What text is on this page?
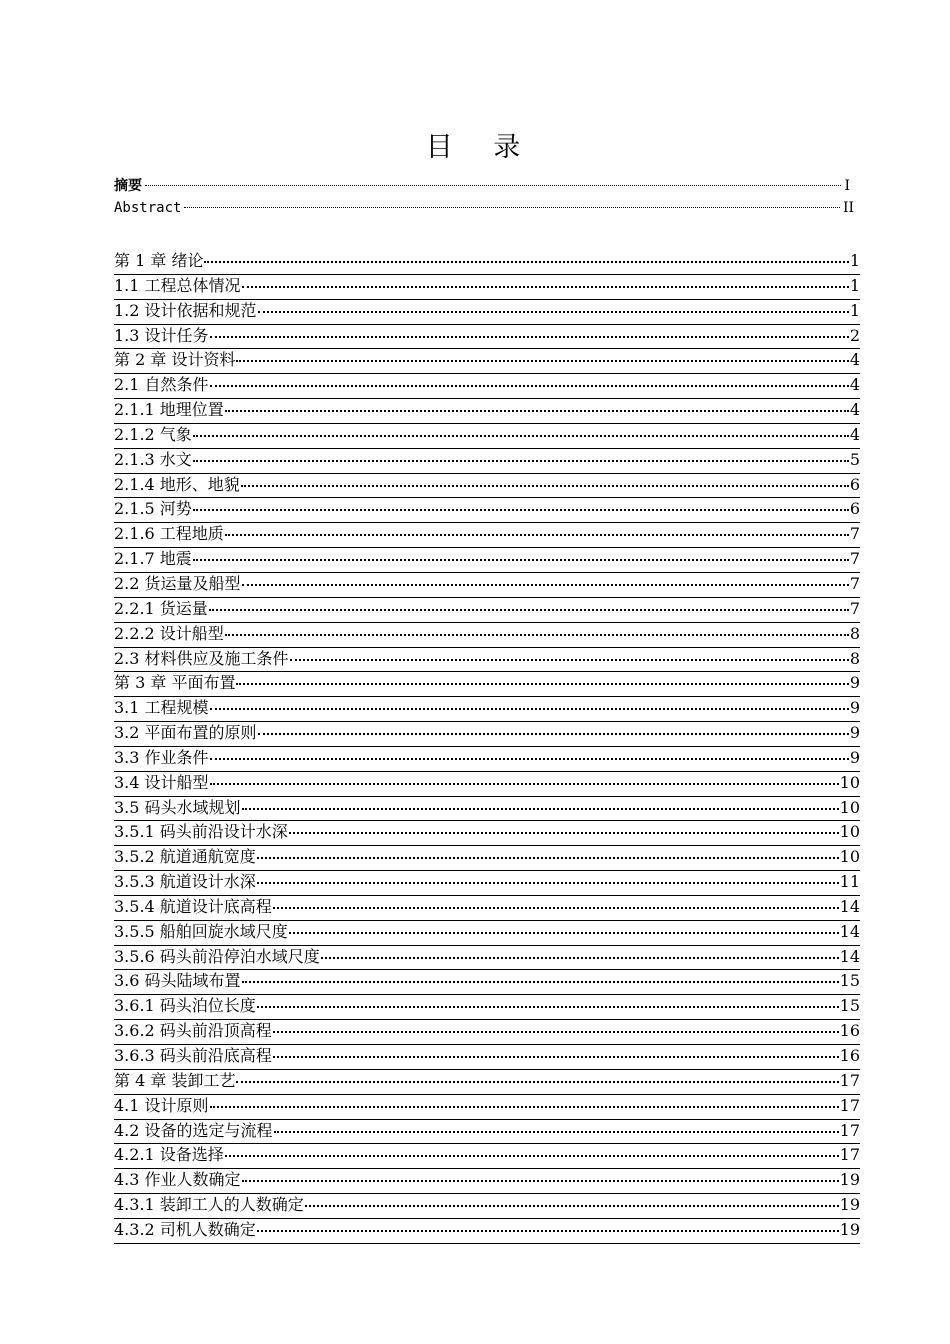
目 录
摘要	I
Abstract	II
第 1 章 绪论	1
1.1 工程总体情况	1
1.2 设计依据和规范	1
1.3 设计任务	2
第 2 章 设计资料	4
2.1 自然条件	4
2.1.1 地理位置	4
2.1.2 气象	4
2.1.3 水文	5
2.1.4 地形、地貌	6
2.1.5 河势	6
2.1.6 工程地质	7
2.1.7 地震	7
2.2 货运量及船型	7
2.2.1 货运量	7
2.2.2 设计船型	8
2.3 材料供应及施工条件	8
第 3 章 平面布置	9
3.1 工程规模	9
3.2 平面布置的原则	9
3.3 作业条件	9
3.4 设计船型	10
3.5 码头水域规划	10
3.5.1 码头前沿设计水深	10
3.5.2 航道通航宽度	10
3.5.3 航道设计水深	11
3.5.4 航道设计底高程	14
3.5.5 船舶回旋水域尺度	14
3.5.6 码头前沿停泊水域尺度	14
3.6 码头陆域布置	15
3.6.1 码头泊位长度	15
3.6.2 码头前沿顶高程	16
3.6.3 码头前沿底高程	16
第 4 章 装卸工艺	17
4.1 设计原则	17
4.2 设备的选定与流程	17
4.2.1 设备选择	17
4.3 作业人数确定	19
4.3.1 装卸工人的人数确定	19
4.3.2 司机人数确定	19
